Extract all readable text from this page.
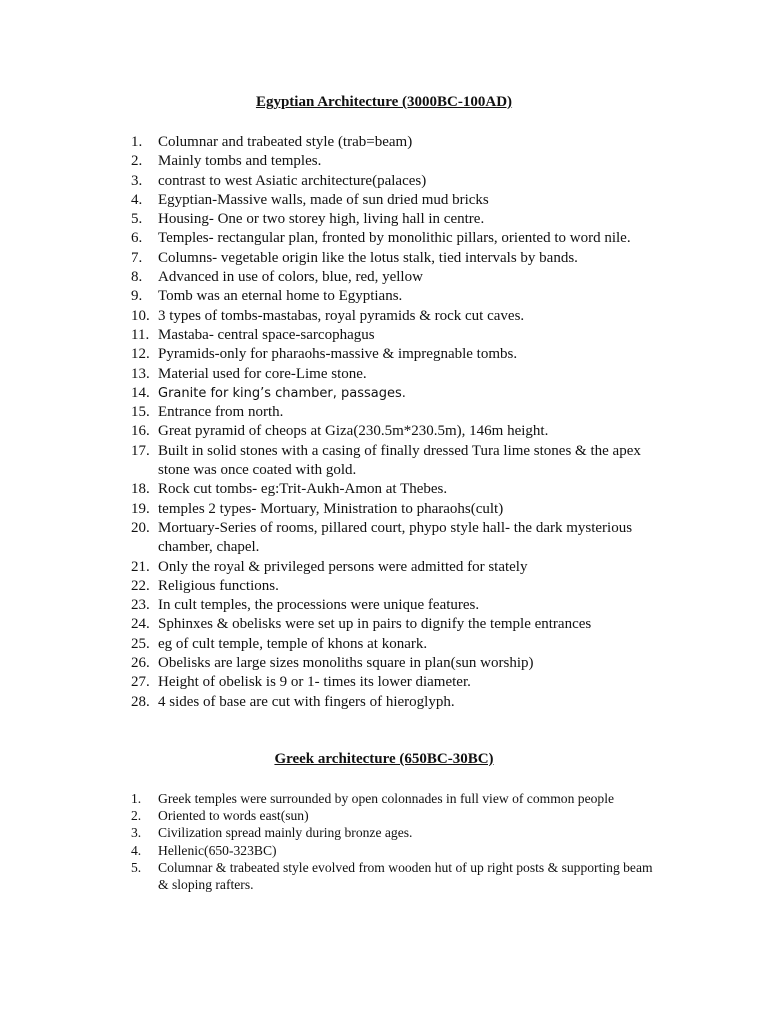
Egyptian Architecture (3000BC-100AD)
1. Columnar and trabeated style (trab=beam)
2. Mainly tombs and temples.
3. contrast to west Asiatic architecture(palaces)
4. Egyptian-Massive walls, made of sun dried mud bricks
5. Housing- One or two storey high, living hall in centre.
6. Temples- rectangular plan, fronted by monolithic pillars, oriented to word nile.
7. Columns- vegetable origin like the lotus stalk, tied intervals by bands.
8. Advanced in use of colors, blue, red, yellow
9. Tomb was an eternal home to Egyptians.
10. 3 types of tombs-mastabas, royal pyramids & rock cut caves.
11. Mastaba- central space-sarcophagus
12. Pyramids-only for pharaohs-massive & impregnable tombs.
13. Material used for core-Lime stone.
14. Granite for king’s chamber, passages.
15. Entrance from north.
16. Great pyramid of cheops at Giza(230.5m*230.5m), 146m height.
17. Built in solid stones with a casing of finally dressed Tura lime stones & the apex stone was once coated with gold.
18. Rock cut tombs- eg:Trit-Aukh-Amon at Thebes.
19. temples 2 types- Mortuary, Ministration to pharaohs(cult)
20. Mortuary-Series of rooms, pillared court, phypo style hall- the dark mysterious chamber, chapel.
21. Only the royal & privileged persons were admitted for stately
22. Religious functions.
23. In cult temples, the processions were unique features.
24. Sphinxes & obelisks were set up in pairs to dignify the temple entrances
25. eg of cult temple, temple of khons at konark.
26. Obelisks are large sizes monoliths square in plan(sun worship)
27. Height of obelisk is 9 or 1- times its lower diameter.
28. 4 sides of base are cut with fingers of hieroglyph.
Greek architecture (650BC-30BC)
1. Greek temples were surrounded by open colonnades in full view of common people
2. Oriented to words east(sun)
3. Civilization spread mainly during bronze ages.
4. Hellenic(650-323BC)
5. Columnar & trabeated style evolved from wooden hut of up right posts & supporting beam & sloping rafters.
